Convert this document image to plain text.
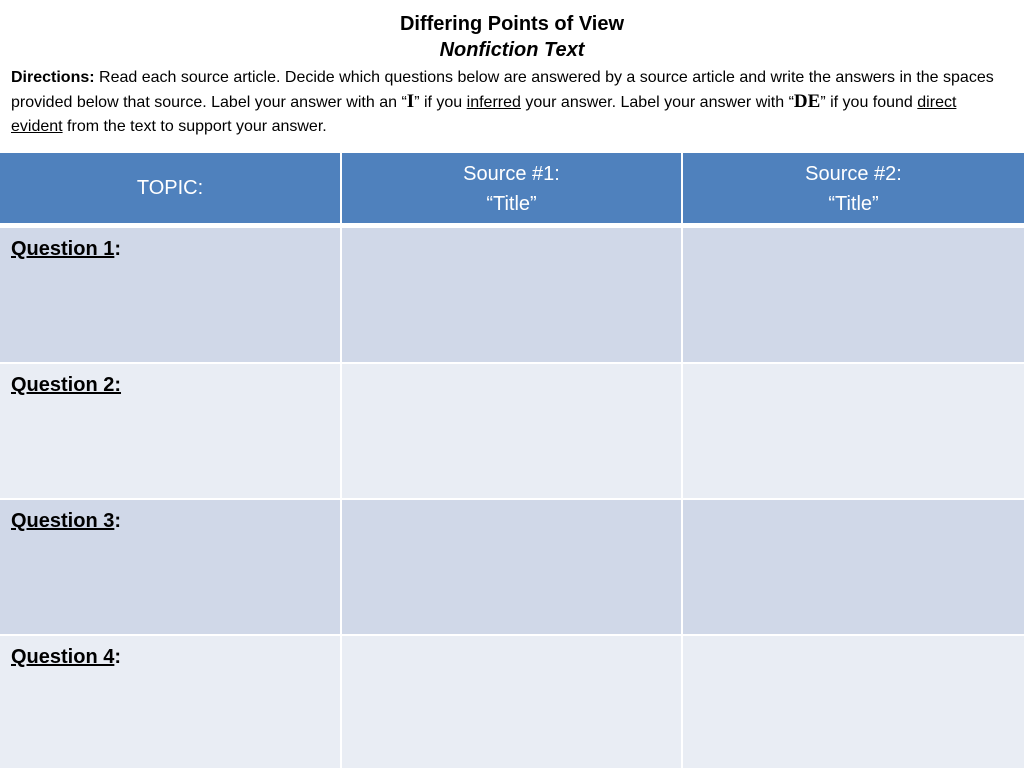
Differing Points of View
Nonfiction Text
Directions: Read each source article. Decide which questions below are answered by a source article and write the answers in the spaces provided below that source. Label your answer with an “I” if you inferred your answer. Label your answer with “DE” if you found direct evident from the text to support your answer.
TOPIC:
Source #1:
“Title”
Source #2:
“Title”
Question 1:
Question 2:
Question 3:
Question 4:
